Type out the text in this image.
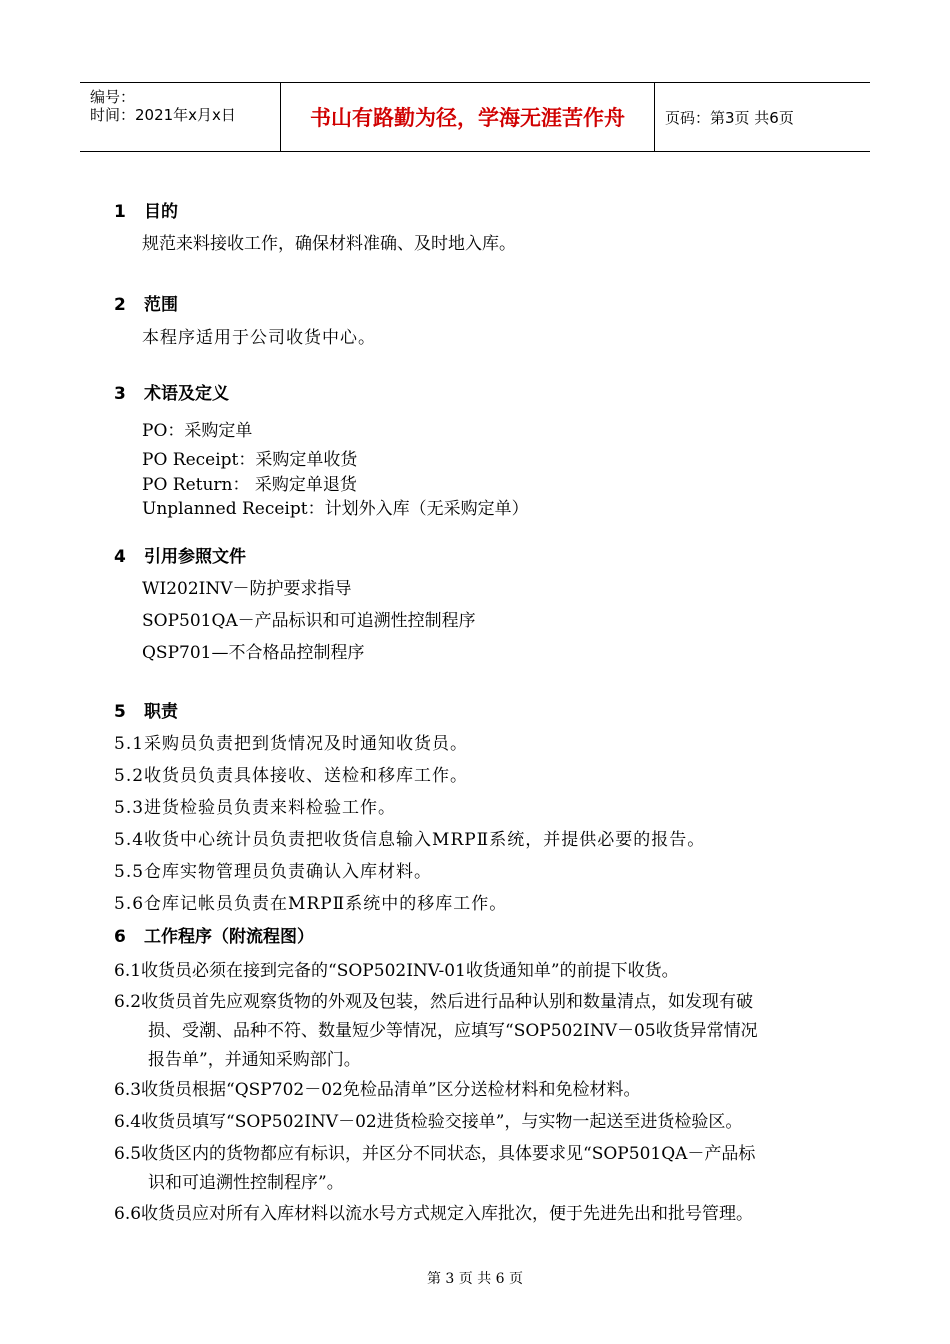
编号：
时间：2021年x月x日	书山有路勤为径，学海无涯苦作舟	页码：第3页 共6页
1 目的
规范来料接收工作，确保材料准确、及时地入库。
2 范围
本程序适用于公司收货中心。
3 术语及定义
PO：采购定单
PO Receipt：采购定单收货
PO Return： 采购定单退货
Unplanned Receipt：计划外入库（无采购定单）
4 引用参照文件
WI202INV－防护要求指导
SOP501QA－产品标识和可追溯性控制程序
QSP701—不合格品控制程序
5 职责
5.1采购员负责把到货情况及时通知收货员。
5.2收货员负责具体接收、送检和移库工作。
5.3进货检验员负责来料检验工作。
5.4收货中心统计员负责把收货信息输入MRPⅡ系统，并提供必要的报告。
5.5仓库实物管理员负责确认入库材料。
5.6仓库记帐员负责在MRPⅡ系统中的移库工作。
6 工作程序（附流程图）
6.1收货员必须在接到完备的“SOP502INV-01收货通知单”的前提下收货。
6.2收货员首先应观察货物的外观及包装，然后进行品种认别和数量清点，如发现有破
损、受潮、品种不符、数量短少等情况，应填写“SOP502INV－05收货异常情况
报告单”，并通知采购部门。
6.3收货员根据“QSP702－02免检品清单”区分送检材料和免检材料。
6.4收货员填写“SOP502INV－02进货检验交接单”，与实物一起送至进货检验区。
6.5收货区内的货物都应有标识，并区分不同状态，具体要求见“SOP501QA－产品标
识和可追溯性控制程序”。
6.6收货员应对所有入库材料以流水号方式规定入库批次，便于先进先出和批号管理。
第 3 页 共 6 页
